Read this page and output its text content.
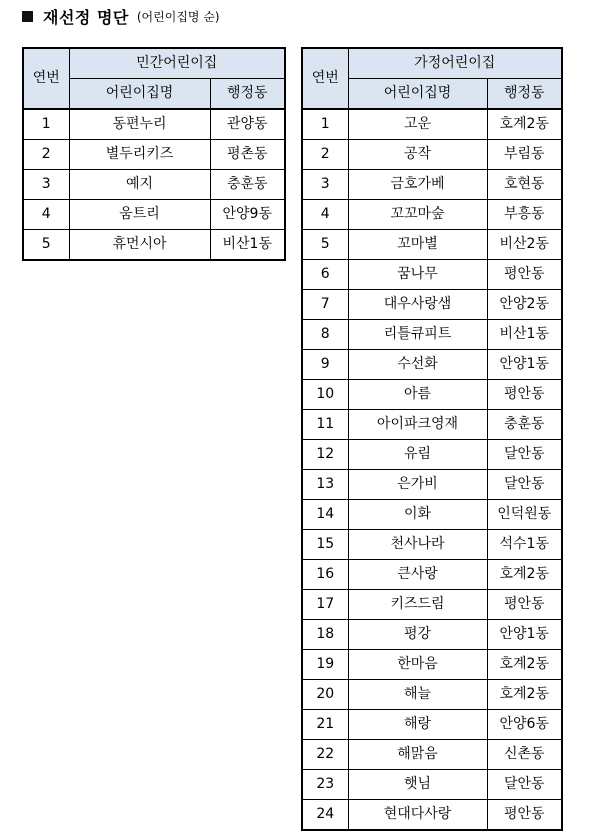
재선정 명단 (어린이집명 순)
연번	민간어린이집	
	어린이집명	행정동
1	동편누리	관양동
2	별두리키즈	평촌동
3	예지	충훈동
4	움트리	안양9동
5	휴먼시아	비산1동
연번	가정어린이집	
	어린이집명	행정동
1	고운	호계2동
2	공작	부림동
3	금호가베	호현동
4	꼬꼬마숲	부흥동
5	꼬마별	비산2동
6	꿈나무	평안동
7	대우사랑샘	안양2동
8	리틀큐피트	비산1동
9	수선화	안양1동
10	아름	평안동
11	아이파크영재	충훈동
12	유림	달안동
13	은가비	달안동
14	이화	인덕원동
15	천사나라	석수1동
16	큰사랑	호계2동
17	키즈드림	평안동
18	평강	안양1동
19	한마음	호계2동
20	해늘	호계2동
21	해랑	안양6동
22	해맑음	신촌동
23	햇님	달안동
24	현대다사랑	평안동
